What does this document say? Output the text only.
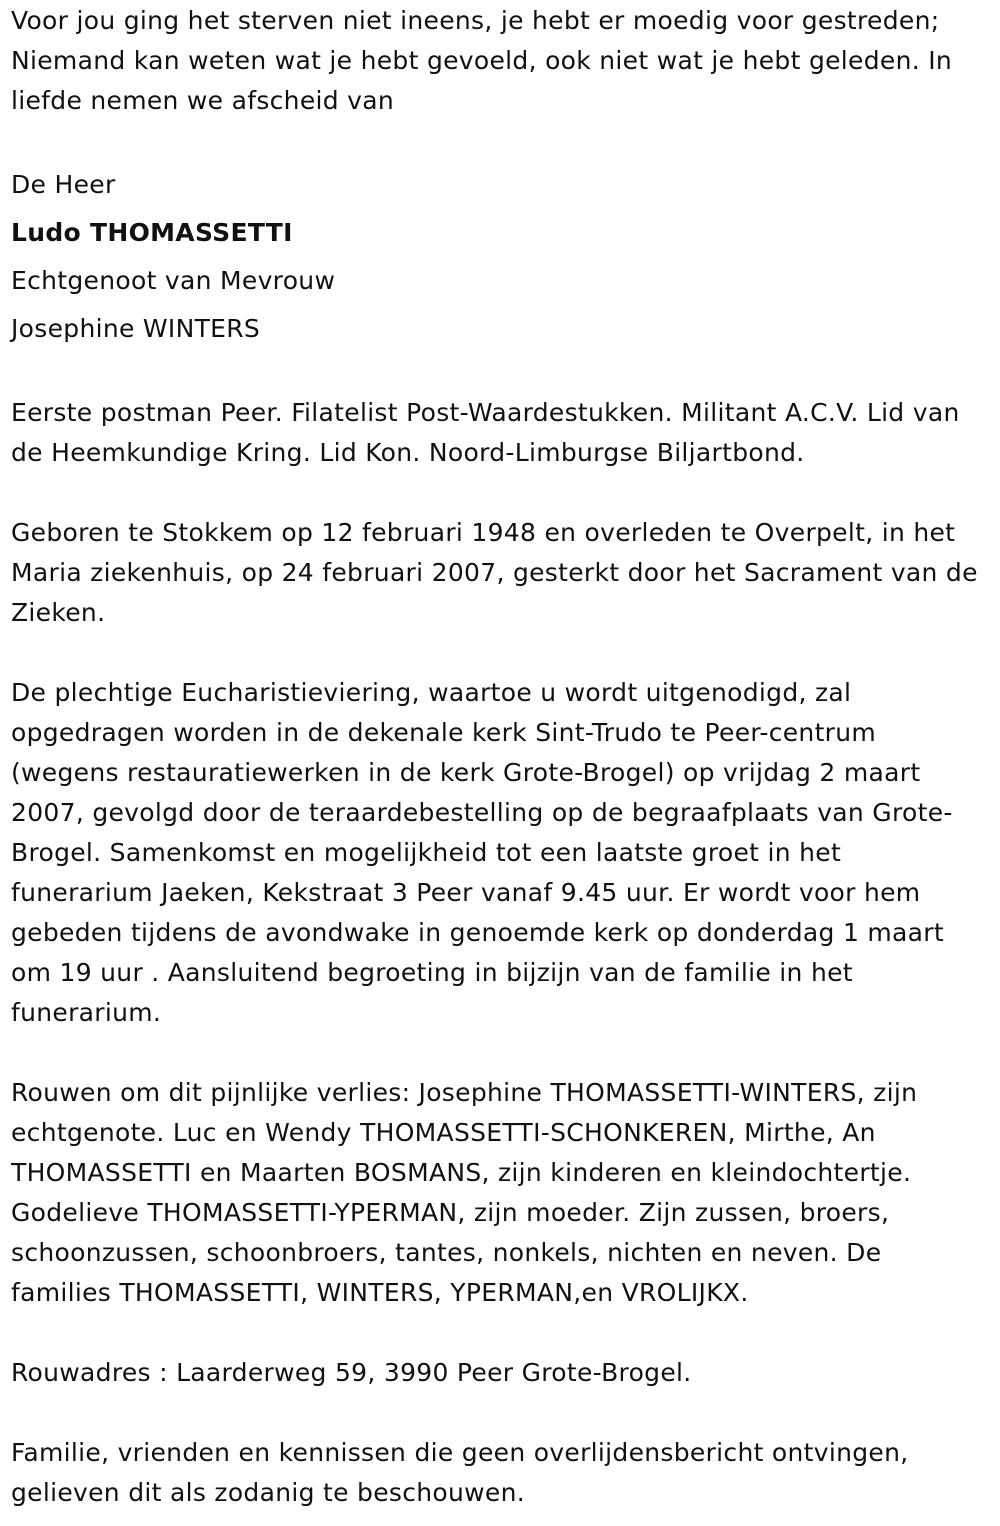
Voor jou ging het sterven niet ineens, je hebt er moedig voor gestreden; Niemand kan weten wat je hebt gevoeld, ook niet wat je hebt geleden. In liefde nemen we afscheid van

De Heer
Ludo THOMASSETTI
Echtgenoot van Mevrouw
Josephine WINTERS

Eerste postman Peer. Filatelist Post-Waardestukken. Militant A.C.V. Lid van de Heemkundige Kring. Lid Kon. Noord-Limburgse Biljartbond.

Geboren te Stokkem op 12 februari 1948 en overleden te Overpelt, in het Maria ziekenhuis, op 24 februari 2007, gesterkt door het Sacrament van de Zieken.

De plechtige Eucharistieviering, waartoe u wordt uitgenodigd, zal opgedragen worden in de dekenale kerk Sint-Trudo te Peer-centrum (wegens restauratiewerken in de kerk Grote-Brogel) op vrijdag 2 maart 2007, gevolgd door de teraardebestelling op de begraafplaats van Grote-Brogel. Samenkomst en mogelijkheid tot een laatste groet in het funerarium Jaeken, Kekstraat 3 Peer vanaf 9.45 uur. Er wordt voor hem gebeden tijdens de avondwake in genoemde kerk op donderdag 1 maart om 19 uur . Aansluitend begroeting in bijzijn van de familie in het funerarium.

Rouwen om dit pijnlijke verlies: Josephine THOMASSETTI-WINTERS, zijn echtgenote. Luc en Wendy THOMASSETTI-SCHONKEREN, Mirthe, An THOMASSETTI en Maarten BOSMANS, zijn kinderen en kleindochtertje. Godelieve THOMASSETTI-YPERMAN, zijn moeder. Zijn zussen, broers, schoonzussen, schoonbroers, tantes, nonkels, nichten en neven. De families THOMASSETTI, WINTERS, YPERMAN,en VROLIJKX.

Rouwadres : Laarderweg 59, 3990 Peer Grote-Brogel.

Familie, vrienden en kennissen die geen overlijdensbericht ontvingen, gelieven dit als zodanig te beschouwen.
